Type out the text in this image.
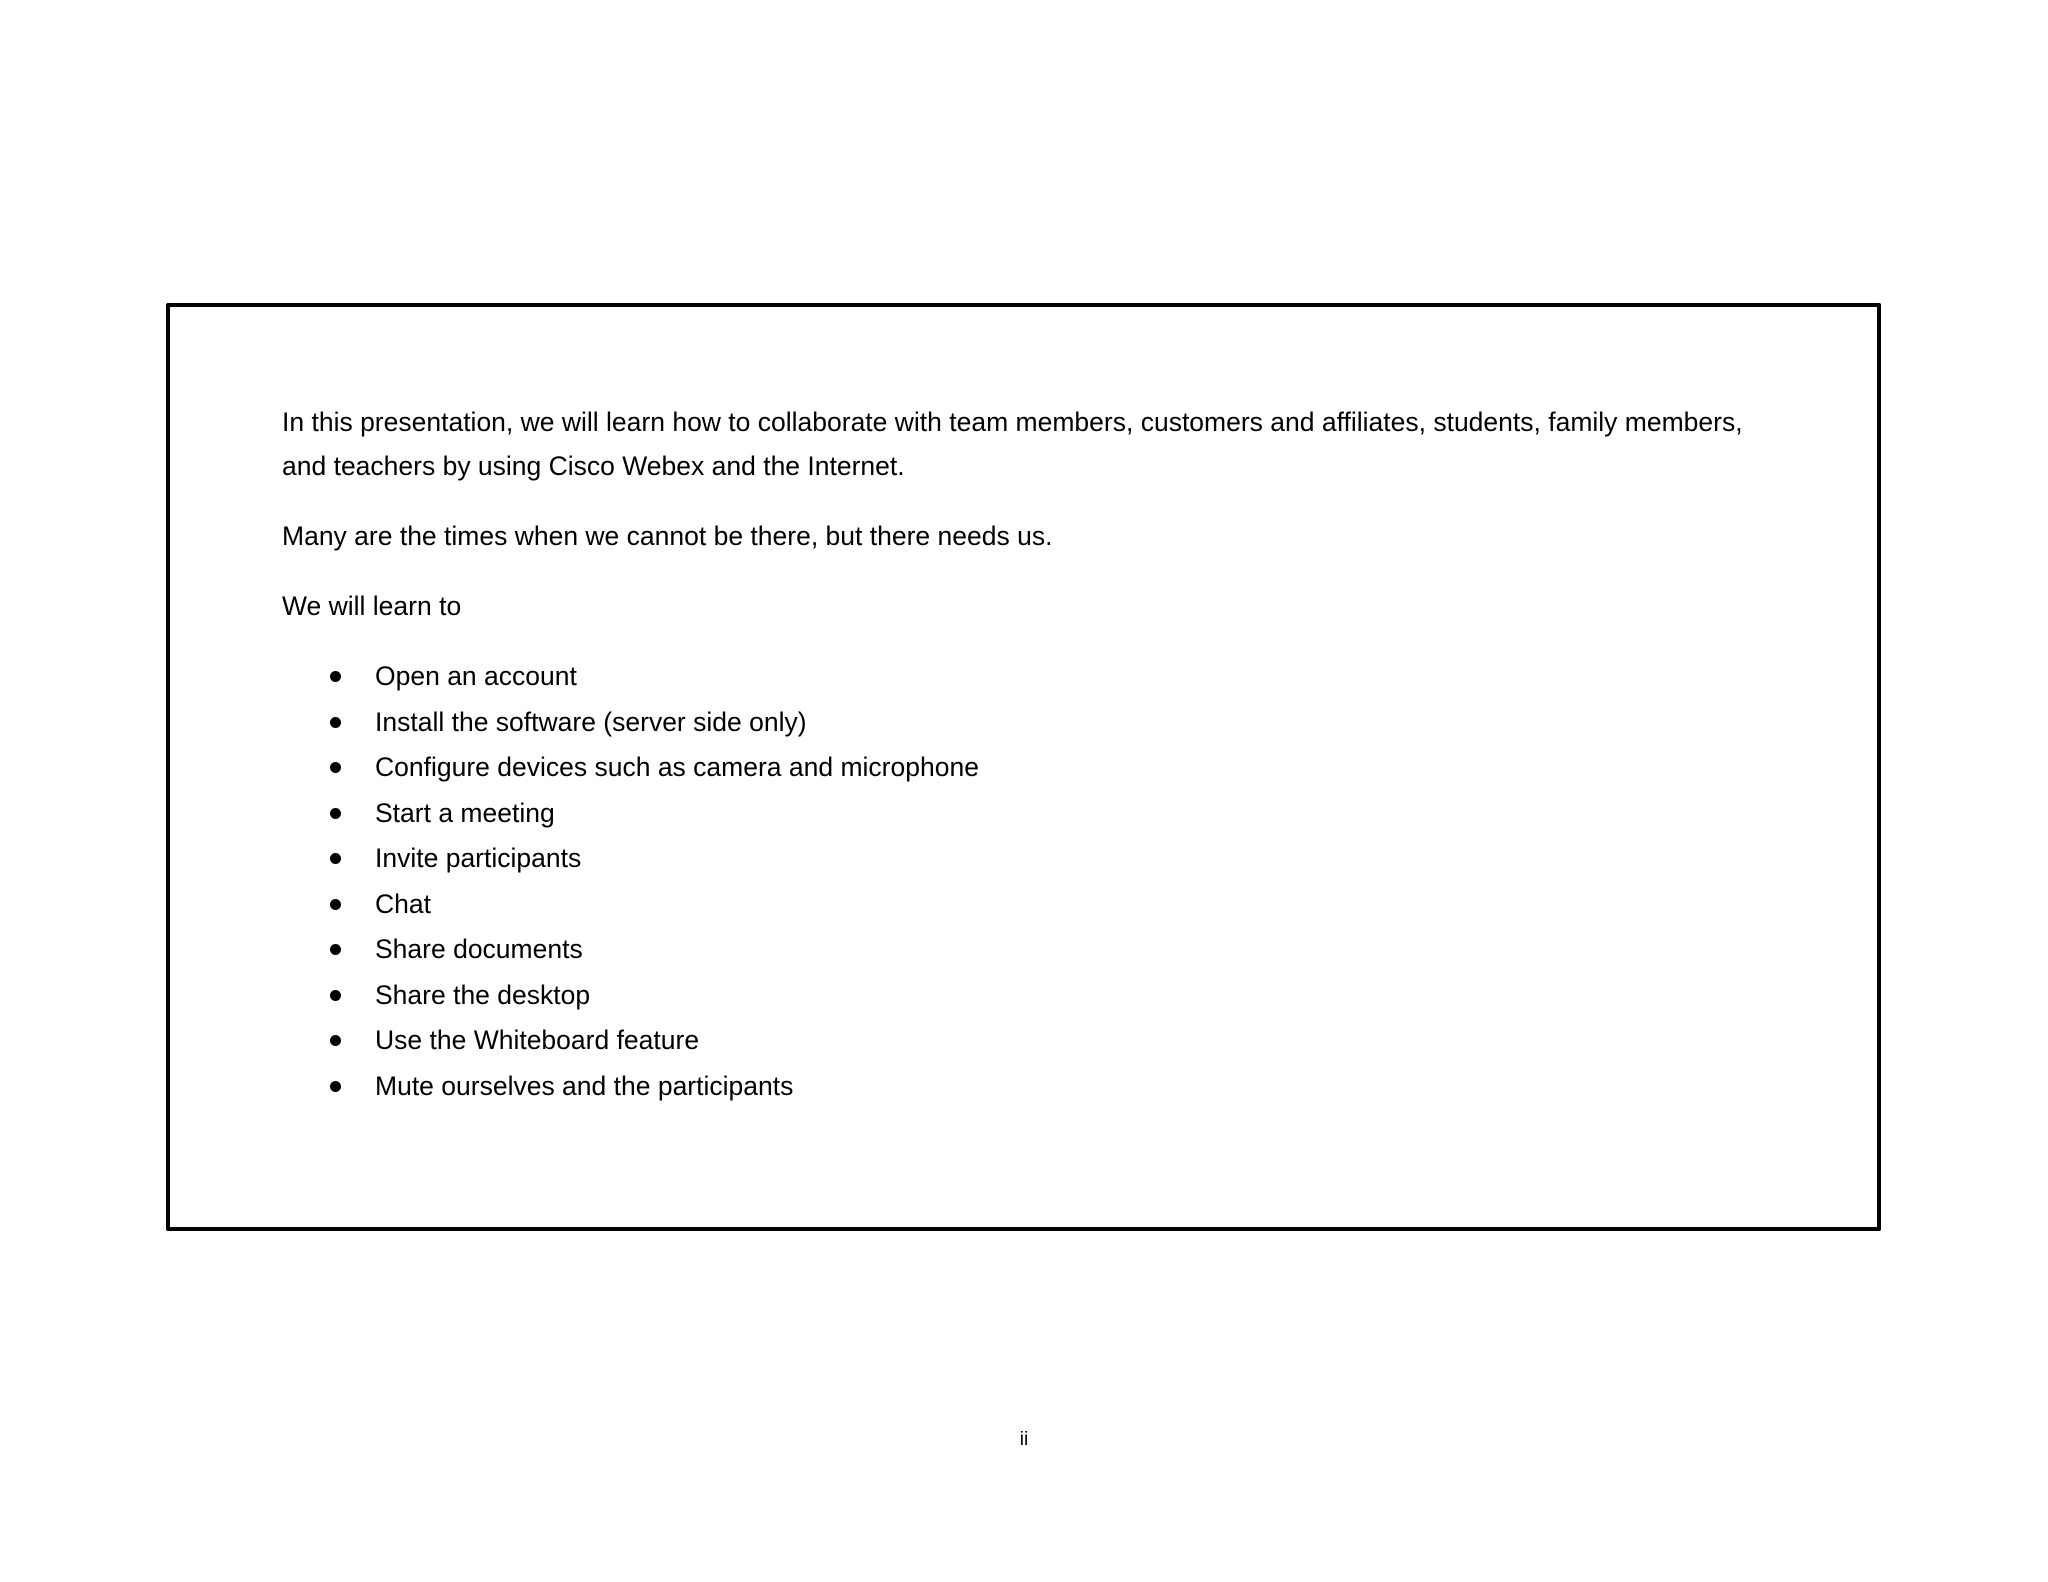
In this presentation, we will learn how to collaborate with team members, customers and affiliates, students, family members, and teachers by using Cisco Webex and the Internet.

Many are the times when we cannot be there, but there needs us.

We will learn to

Open an account
Install the software (server side only)
Configure devices such as camera and microphone
Start a meeting
Invite participants
Chat
Share documents
Share the desktop
Use the Whiteboard feature
Mute ourselves and the participants
ii
